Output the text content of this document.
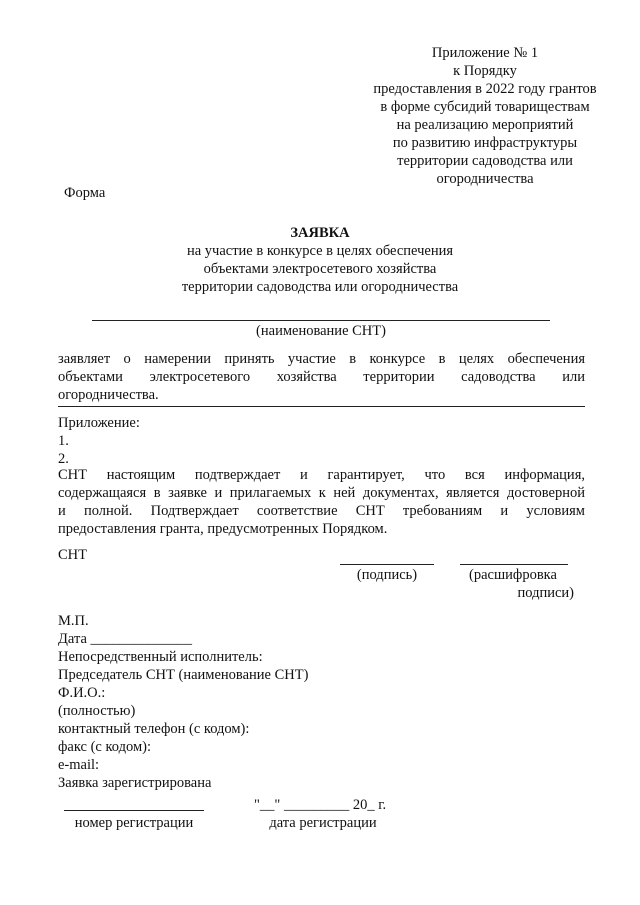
Приложение № 1
к Порядку
предоставления в 2022 году грантов
в форме субсидий товариществам
на реализацию мероприятий
по развитию инфраструктуры
территории садоводства или
огородничества
Форма
ЗАЯВКА
на участие в конкурсе в целях обеспечения
объектами электросетевого хозяйства
территории садоводства или огородничества
(наименование СНТ)
заявляет о намерении принять участие в конкурсе в целях обеспечения
объектами электросетевого хозяйства территории садоводства или
огородничества.
Приложение:
1.
2.
СНТ настоящим подтверждает и гарантирует, что вся информация,
содержащаяся в заявке и прилагаемых к ней документах, является достоверной
и полной. Подтверждает соответствие СНТ требованиям и условиям
предоставления гранта, предусмотренных Порядком.
СНТ
(подпись)	(расшифровка
подписи)
М.П.
Дата ______________
Непосредственный исполнитель:
Председатель СНТ (наименование СНТ)
Ф.И.О.:
(полностью)
контактный телефон (с кодом):
факс (с кодом):
e-mail:
Заявка зарегистрирована
"__" _________ 20_ г.
номер регистрации	дата регистрации
